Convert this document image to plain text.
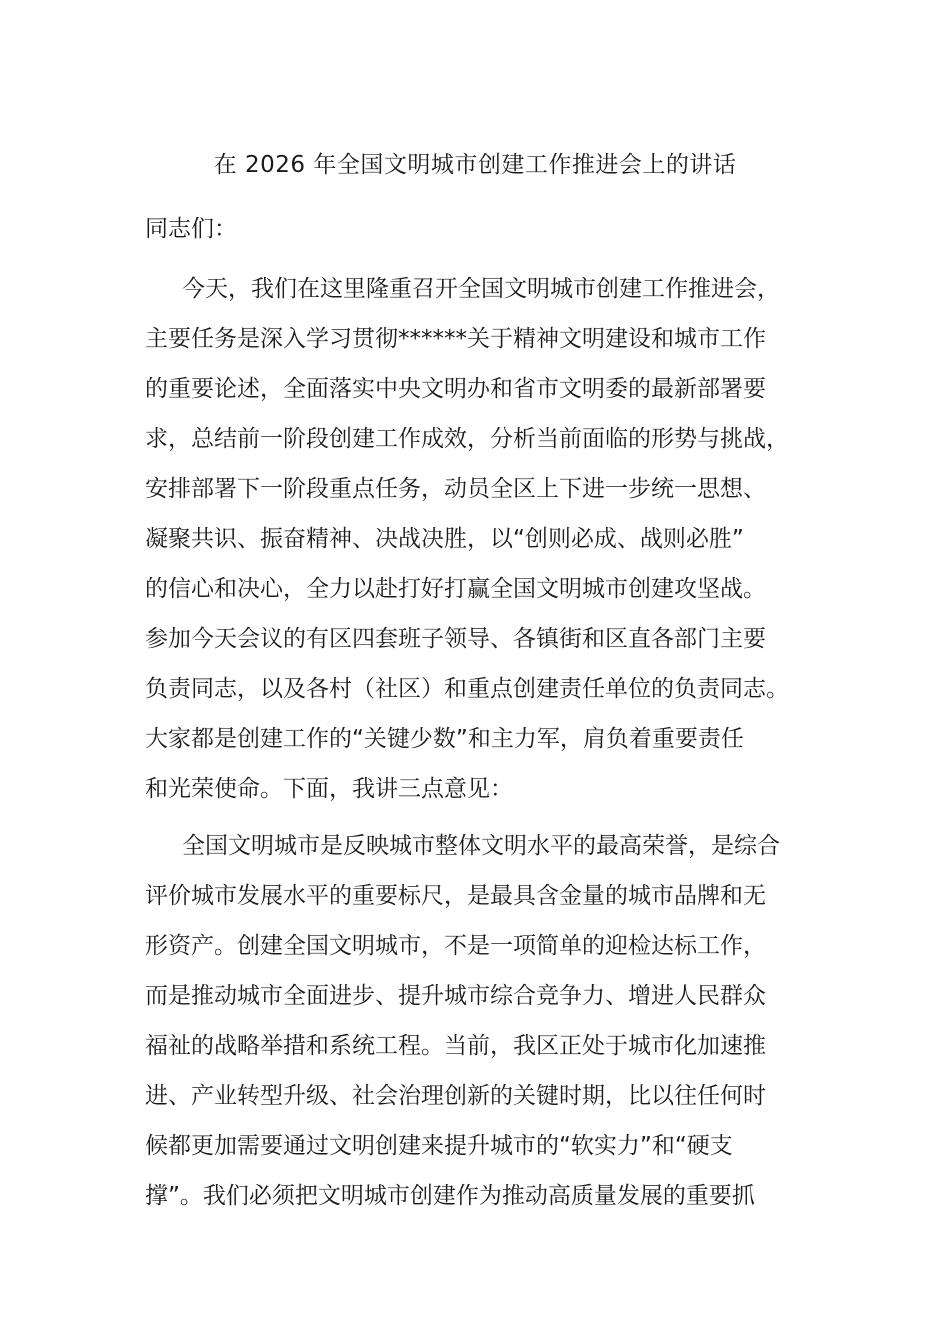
在 2026 年全国文明城市创建工作推进会上的讲话
同志们：
今天，我们在这里隆重召开全国文明城市创建工作推进会，
主要任务是深入学习贯彻******关于精神文明建设和城市工作
的重要论述，全面落实中央文明办和省市文明委的最新部署要
求，总结前一阶段创建工作成效，分析当前面临的形势与挑战，
安排部署下一阶段重点任务，动员全区上下进一步统一思想、
凝聚共识、振奋精神、决战决胜，以“创则必成、战则必胜”
的信心和决心，全力以赴打好打赢全国文明城市创建攻坚战。
参加今天会议的有区四套班子领导、各镇街和区直各部门主要
负责同志，以及各村（社区）和重点创建责任单位的负责同志。
大家都是创建工作的“关键少数”和主力军，肩负着重要责任
和光荣使命。下面，我讲三点意见：
全国文明城市是反映城市整体文明水平的最高荣誉，是综合
评价城市发展水平的重要标尺，是最具含金量的城市品牌和无
形资产。创建全国文明城市，不是一项简单的迎检达标工作，
而是推动城市全面进步、提升城市综合竞争力、增进人民群众
福祉的战略举措和系统工程。当前，我区正处于城市化加速推
进、产业转型升级、社会治理创新的关键时期，比以往任何时
候都更加需要通过文明创建来提升城市的“软实力”和“硬支
撑”。我们必须把文明城市创建作为推动高质量发展的重要抓
